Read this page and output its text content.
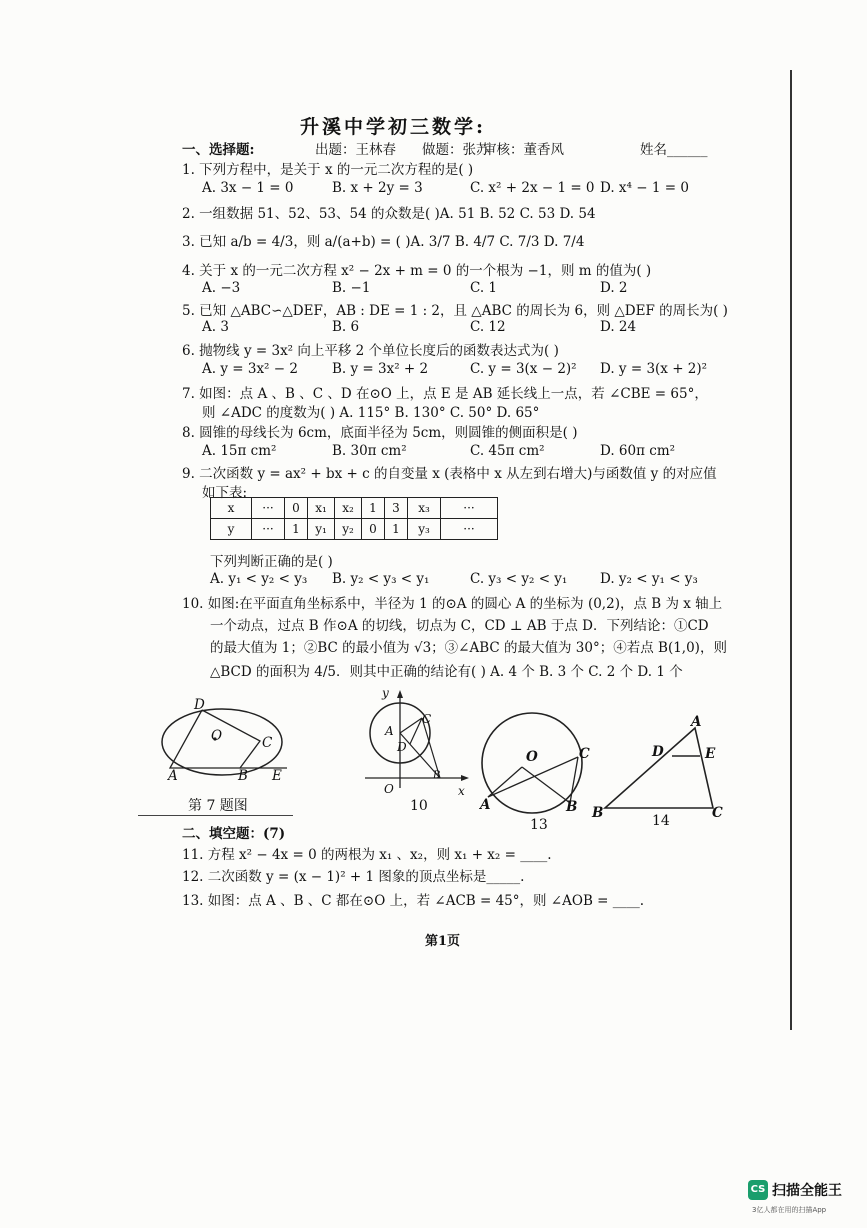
升溪中学初三数学:
一、选择题:	出题：王林春 做题：张苏
审核：董香风	姓名______
1. 下列方程中，是关于 x 的一元二次方程的是( )
A. 3x − 1 = 0	B. x + 2y = 3	C. x² + 2x − 1 = 0 D. x⁴ − 1 = 0
2. 一组数据 51、52、53、54 的众数是( )A. 51 B. 52 C. 53 D. 54
3. 已知 a/b = 4/3，则 a/(a+b) = ( )A. 3/7 B. 4/7 C. 7/3 D. 7/4
4. 关于 x 的一元二次方程 x² − 2x + m = 0 的一个根为 −1，则 m 的值为( )
A. −3	B. −1	C. 1	D. 2
5. 已知 △ABC∽△DEF，AB : DE = 1 : 2，且 △ABC 的周长为 6，则 △DEF 的周长为( )
A. 3	B. 6	C. 12	D. 24
6. 抛物线 y = 3x² 向上平移 2 个单位长度后的函数表达式为( )
A. y = 3x² − 2	B. y = 3x² + 2	C. y = 3(x − 2)² D. y = 3(x + 2)²
7. 如图：点 A 、B 、C 、D 在⊙O 上，点 E 是 AB 延长线上一点，若 ∠CBE = 65°，
则 ∠ADC 的度数为( ) A. 115° B. 130° C. 50° D. 65°
8. 圆锥的母线长为 6cm，底面半径为 5cm，则圆锥的侧面积是( )
A. 15π cm²	B. 30π cm²	C. 45π cm²	D. 60π cm²
9. 二次函数 y = ax² + bx + c 的自变量 x (表格中 x 从左到右增大)与函数值 y 的对应值
如下表:
x	···	0	x₁	x₂	1	3	x₃	···
y	···	1	y₁	y₂	0	1	y₃	···
下列判断正确的是( )
A. y₁ < y₂ < y₃ B. y₂ < y₃ < y₁	C. y₃ < y₂ < y₁ D. y₂ < y₁ < y₃
10. 如图:在平面直角坐标系中，半径为 1 的⊙A 的圆心 A 的坐标为 (0,2)，点 B 为 x 轴上
一个动点，过点 B 作⊙A 的切线，切点为 C，CD ⊥ AB 于点 D．下列结论：①CD
的最大值为 1；②BC 的最小值为 √3；③∠ABC 的最大值为 30°；④若点 B(1,0)，则
△BCD 的面积为 4/5．则其中正确的结论有( ) A. 4 个 B. 3 个 C. 2 个 D. 1 个
D
O	C
A	B E
第 7 题图
y
A
C
D
O	x
B
10
O	C
A	B
13
A
D	E
B	C
14
二、填空题：(7)
11. 方程 x² − 4x = 0 的两根为 x₁ 、x₂，则 x₁ + x₂ = ____.
12. 二次函数 y = (x − 1)² + 1 图象的顶点坐标是_____.
13. 如图：点 A 、B 、C 都在⊙O 上，若 ∠ACB = 45°，则 ∠AOB = ____.
第1页
CS 扫描全能王
3亿人都在用的扫描App
